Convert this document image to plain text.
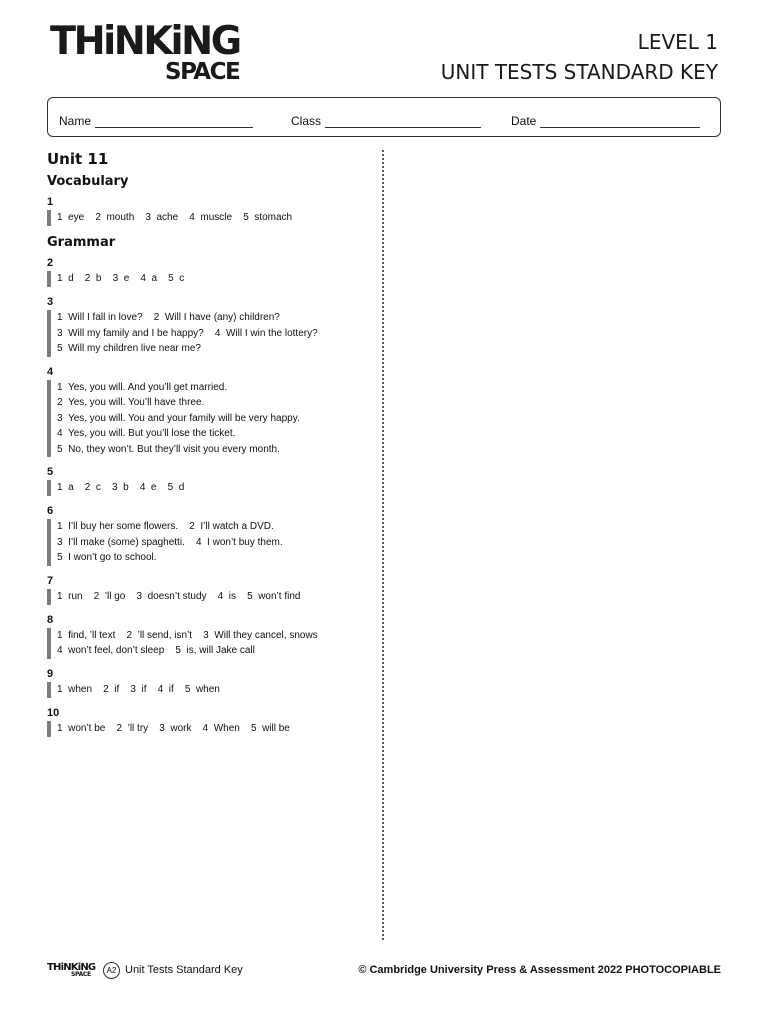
THiNKiNG
SPACE
LEVEL 1
UNIT TESTS STANDARD KEY
Name	Class	Date
Unit 11
Vocabulary
1
1  eye    2  mouth    3  ache    4  muscle    5  stomach
Grammar
2
1  d    2  b    3  e    4  a    5  c
3
1  Will I fall in love?    2  Will I have (any) children?
3  Will my family and I be happy?    4  Will I win the lottery?
5  Will my children live near me?
4
1  Yes, you will. And you’ll get married.
2  Yes, you will. You’ll have three.
3  Yes, you will. You and your family will be very happy.
4  Yes, you will. But you’ll lose the ticket.
5  No, they won’t. But they’ll visit you every month.
5
1  a    2  c    3  b    4  e    5  d
6
1  I’ll buy her some flowers.    2  I’ll watch a DVD.
3  I’ll make (some) spaghetti.    4  I won’t buy them.
5  I won’t go to school.
7
1  run    2  ’ll go    3  doesn’t study    4  is    5  won’t find
8
1  find, ’ll text    2  ’ll send, isn’t    3  Will they cancel, snows
4  won’t feel, don’t sleep    5  is, will Jake call
9
1  when    2  if    3  if    4  if    5  when
10
1  won’t be    2  ’ll try    3  work    4  When    5  will be
THiNKiNG
SPACE	A2 Unit Tests Standard Key	© Cambridge University Press & Assessment 2022 PHOTOCOPIABLE
